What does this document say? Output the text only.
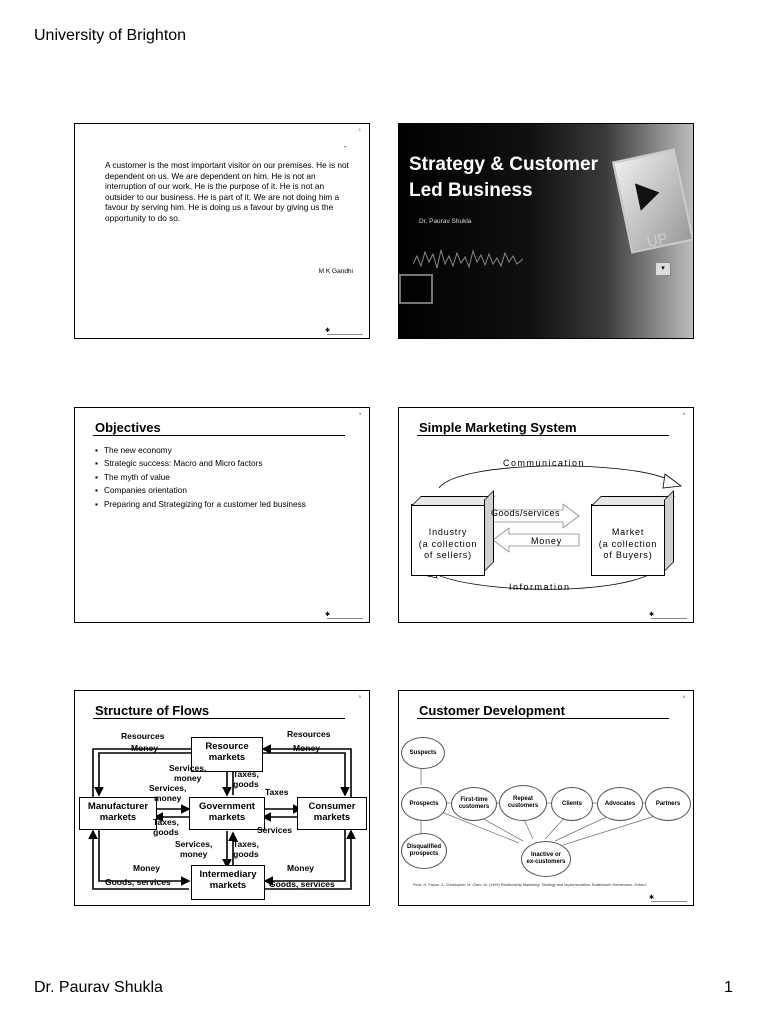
University of Brighton
1
⌐
A customer is the most important visitor on our premises. He is not dependent on us. We are dependent on him. He is not an interruption of our work. He is the purpose of it. He is not an outsider to our business. He is part of it. We are not doing him a favour by serving him. He is doing us a favour by giving us the opportunity to do so.
M K Gandhi
✱
UP
▾
Strategy & Customer
Led Business
Dr. Paurav Shukla
3
Objectives
▪ The new economy
▪ Strategic success: Macro and Micro factors
▪ The myth of value
▪ Companies orientation
▪ Preparing and Strategizing for a customer led business
✱
4
Simple Marketing System
Communication
Industry
(a collection
of sellers)
Market
(a collection
of Buyers)
Goods/services
Money
Information
✱
5
Structure of Flows
Resource
markets
Manufacturer
markets
Government
markets
Consumer
markets
Intermediary
markets
Resources
Money
Resources
Money
Services,
money	Taxes,
goods
Services,
money
Taxes
Taxes,
goods	Services
Services,
money
Taxes,
goods
Money
Goods, services
Money
Goods, services
6
Customer Development
Suspects
Prospects
First-time
customers
Repeat
customers	Clients	Advocates	Partners
Disqualified
prospects	Inactive or
ex-customers
Peck, H. Payne, A. Christopher, M. Clark, M. (1999) Relationship Marketing: Strategy and Implementation, Butterworth Heinemann: Oxford.
✱
Dr. Paurav Shukla	1
